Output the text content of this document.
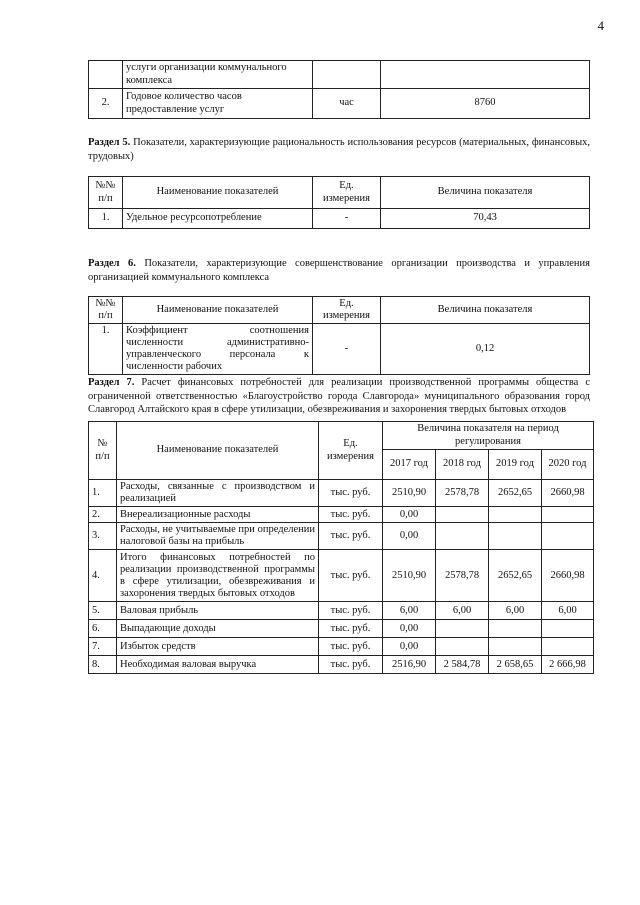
4
	услуги организации коммунального комплекса		
2.	Годовое количество часов предоставление услуг	час	8760
Раздел 5. Показатели, характеризующие рациональность использования ресурсов (материальных, финансовых, трудовых)
№№ п/п	Наименование показателей	Ед. измерения	Величина показателя
1.	Удельное ресурсопотребление	-	70,43
Раздел 6. Показатели, характеризующие совершенствование организации производства и управления организацией коммунального комплекса
№№ п/п	Наименование показателей	Ед. измерения	Величина показателя
1.	Коэффициент соотношения численности административно-управленческого персонала к численности рабочих	-	0,12
Раздел 7. Расчет финансовых потребностей для реализации производственной программы общества с ограниченной ответственностью «Благоустройство города Славгорода» муниципального образования город Славгород Алтайского края в сфере утилизации, обезвреживания и захоронения твердых бытовых отходов
№ п/п	Наименование показателей	Ед. измерения	Величина показателя на период регулирования			
			2017 год	2018 год	2019 год	2020 год
1.	Расходы, связанные с производством и реализацией	тыс. руб.	2510,90	2578,78	2652,65	2660,98
2.	Внереализационные расходы	тыс. руб.	0,00			
3.	Расходы, не учитываемые при определении налоговой базы на прибыль	тыс. руб.	0,00			
4.	Итого финансовых потребностей по реализации производственной программы в сфере утилизации, обезвреживания и захоронения твердых бытовых отходов	тыс. руб.	2510,90	2578,78	2652,65	2660,98
5.	Валовая прибыль	тыс. руб.	6,00	6,00	6,00	6,00
6.	Выпадающие доходы	тыс. руб.	0,00			
7.	Избыток средств	тыс. руб.	0,00			
8.	Необходимая валовая выручка	тыс. руб.	2516,90	2 584,78	2 658,65	2 666,98
